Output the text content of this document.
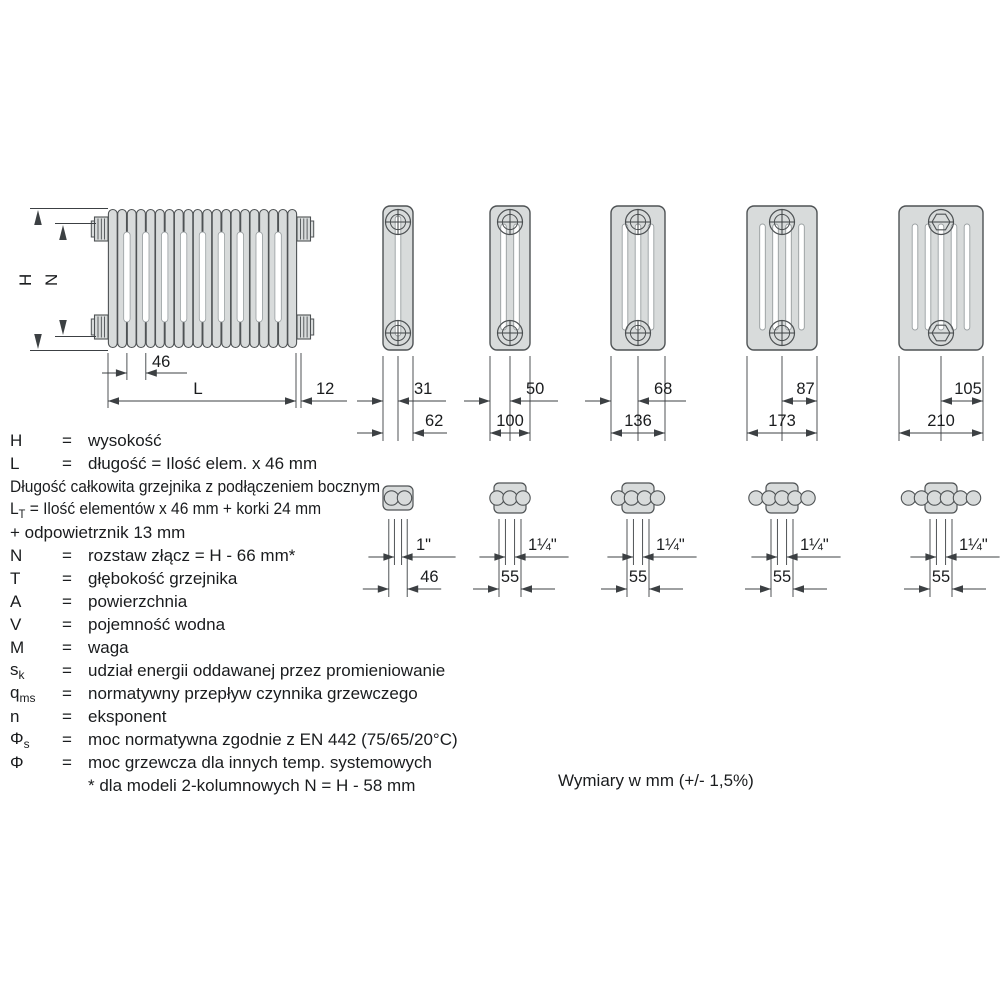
31
62
50
100
68
136
87
173
105
210
1"
46
1¼"
55
1¼"
55
1¼"
55
1¼"
55
H N
46
L	12
H	= wysokość
L	= długość = Ilość elem. x 46 mm
Długość całkowita grzejnika z podłączeniem bocznym
$L_T$ = Ilość elementów x 46 mm + korki 24 mm
+ odpowietrznik 13 mm
N	= rozstaw złącz = H - 66 mm*
T	= głębokość grzejnika
A	= powierzchnia
V	= pojemność wodna
M	= waga
$s_k$	= udział energii oddawanej przez promieniowanie
$q_{ms}$	= normatywny przepływ czynnika grzewczego
n	= eksponent
$\Phi_s$	= moc normatywna zgodnie z EN 442 (75/65/20°C)
Φ	= moc grzewcza dla innych temp. systemowych
* dla modeli 2-kolumnowych N = H - 58 mm	Wymiary w mm (+/- 1,5%)
